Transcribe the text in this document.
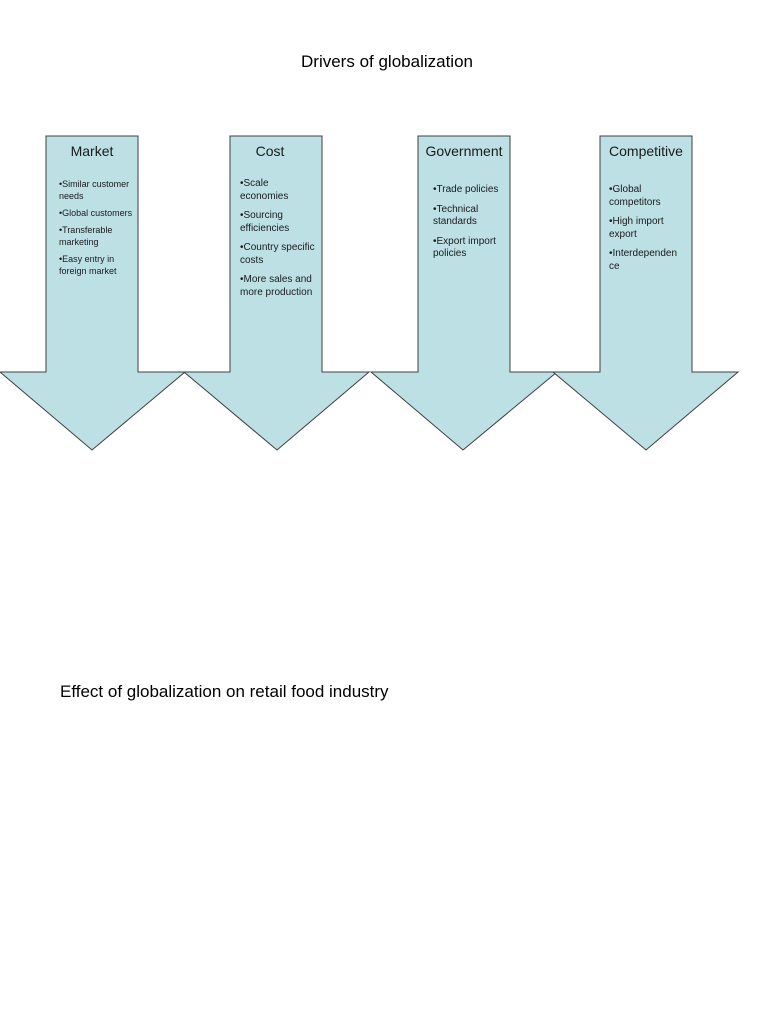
Drivers of globalization
Market
•Similar customer needs
•Global customers
•Transferable marketing
•Easy entry in foreign market
Cost
•Scale economies
•Sourcing efficiencies
•Country specific costs
•More sales and more production
Government
•Trade policies
•Technical standards
•Export import policies
Competitive
•Global competitors
•High import export
•Interdependen ce
Effect of globalization on retail food industry
